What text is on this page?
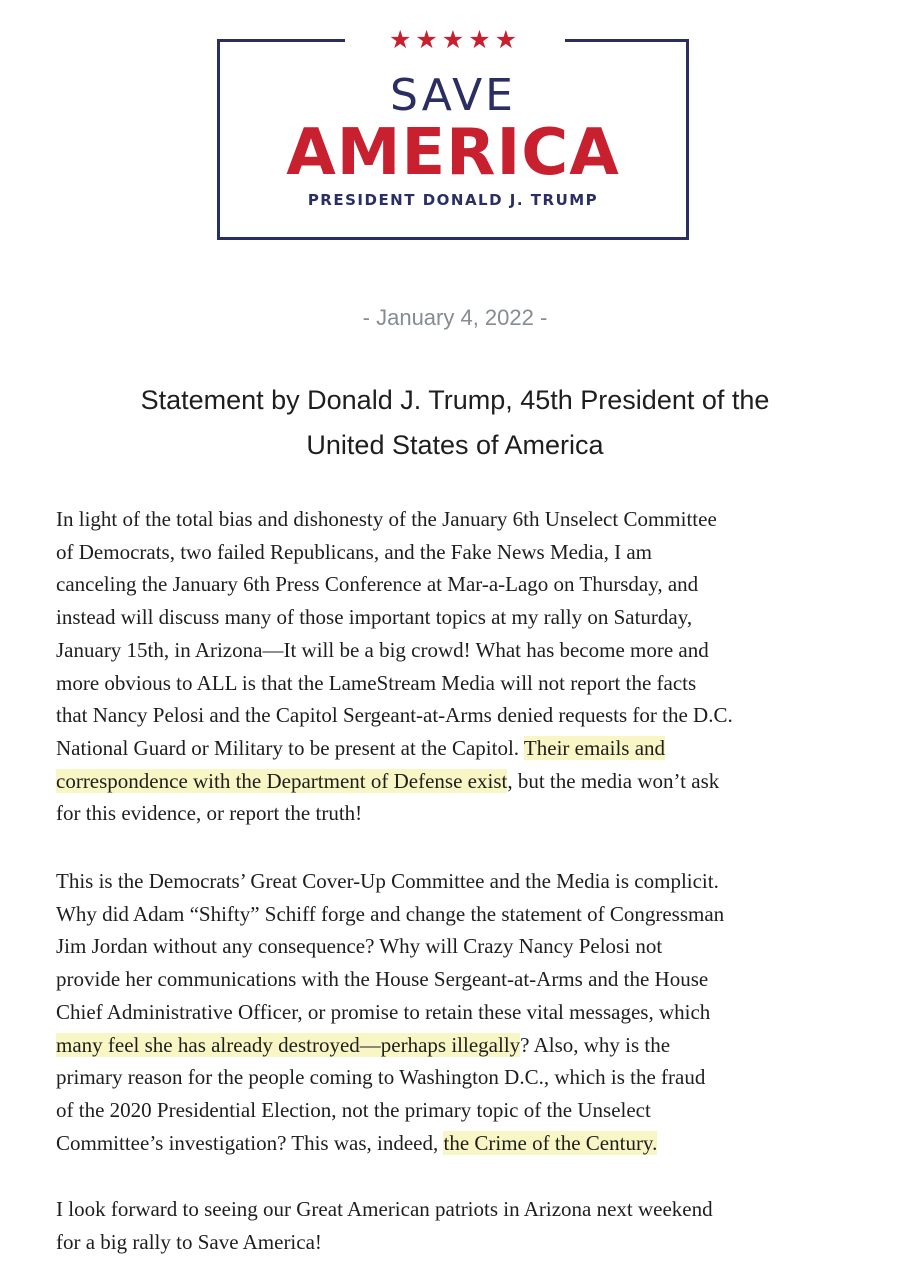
★★★★★
SAVE
AMERICA
PRESIDENT DONALD J. TRUMP
- January 4, 2022 -
Statement by Donald J. Trump, 45th President of the
United States of America

In light of the total bias and dishonesty of the January 6th Unselect Committee
of Democrats, two failed Republicans, and the Fake News Media, I am
canceling the January 6th Press Conference at Mar-a-Lago on Thursday, and
instead will discuss many of those important topics at my rally on Saturday,
January 15th, in Arizona—It will be a big crowd! What has become more and
more obvious to ALL is that the LameStream Media will not report the facts
that Nancy Pelosi and the Capitol Sergeant-at-Arms denied requests for the D.C.
National Guard or Military to be present at the Capitol. Their emails and
correspondence with the Department of Defense exist, but the media won’t ask
for this evidence, or report the truth!

This is the Democrats’ Great Cover-Up Committee and the Media is complicit.
Why did Adam “Shifty” Schiff forge and change the statement of Congressman
Jim Jordan without any consequence? Why will Crazy Nancy Pelosi not
provide her communications with the House Sergeant-at-Arms and the House
Chief Administrative Officer, or promise to retain these vital messages, which
many feel she has already destroyed—perhaps illegally? Also, why is the
primary reason for the people coming to Washington D.C., which is the fraud
of the 2020 Presidential Election, not the primary topic of the Unselect
Committee’s investigation? This was, indeed, the Crime of the Century.

I look forward to seeing our Great American patriots in Arizona next weekend
for a big rally to Save America!
